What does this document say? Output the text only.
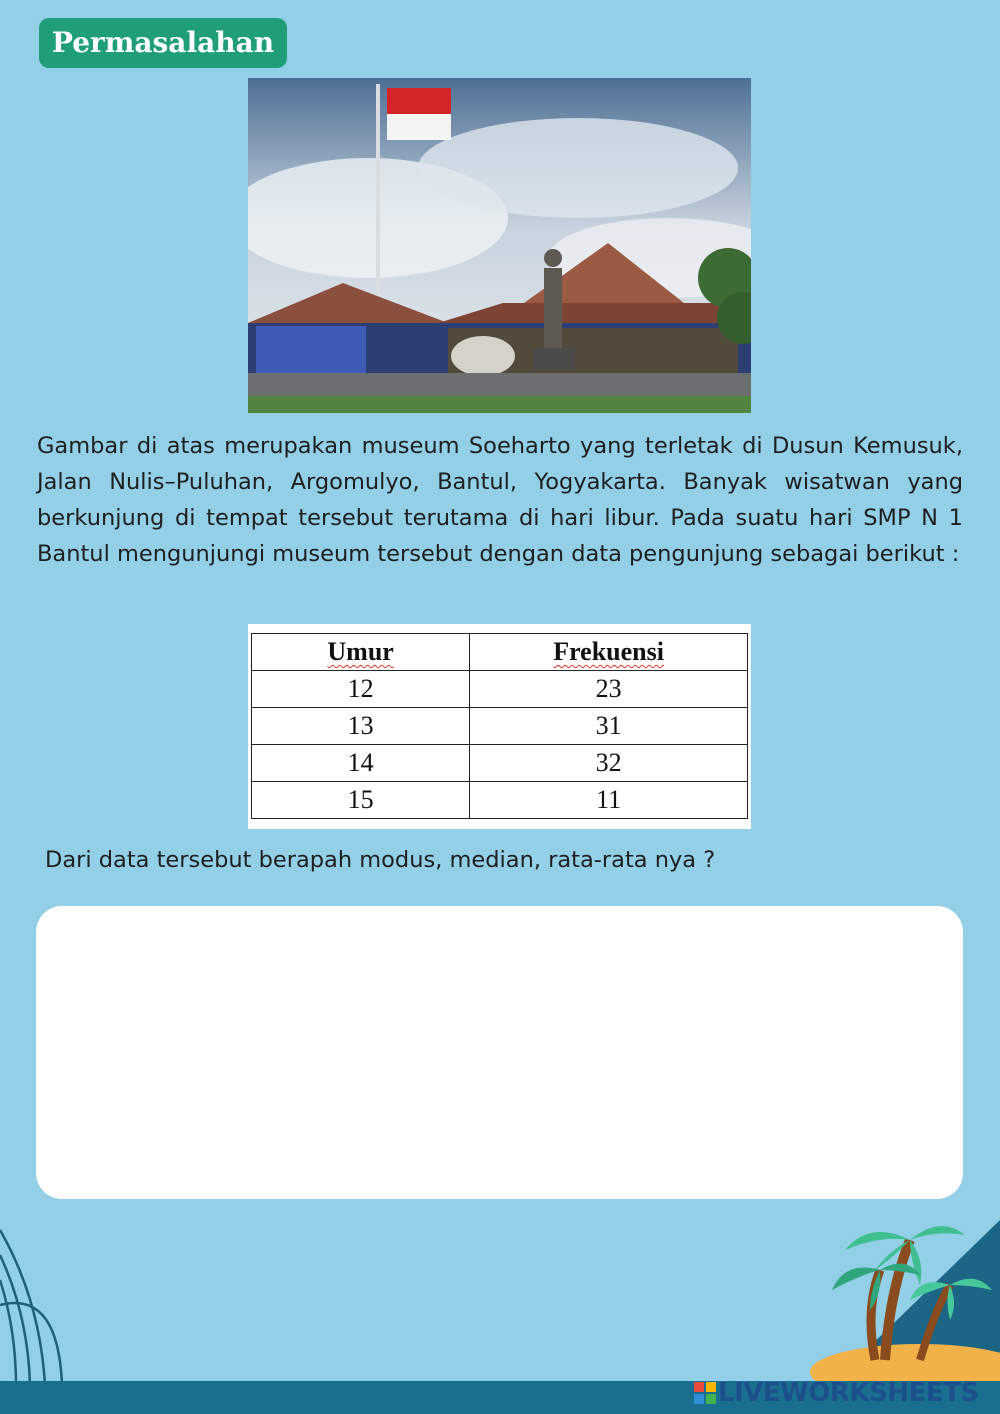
Permasalahan

Gambar di atas merupakan museum Soeharto yang terletak di Dusun Kemusuk, Jalan Nulis–Puluhan, Argomulyo, Bantul, Yogyakarta. Banyak wisatwan yang berkunjung di tempat tersebut terutama di hari libur. Pada suatu hari SMP N 1 Bantul mengunjungi museum tersebut dengan data pengunjung sebagai berikut :

Umur	Frekuensi
12	23
13	31
14	32
15	11

Dari data tersebut berapah modus, median, rata-rata nya ?

LIVEW ORKSHEETS
